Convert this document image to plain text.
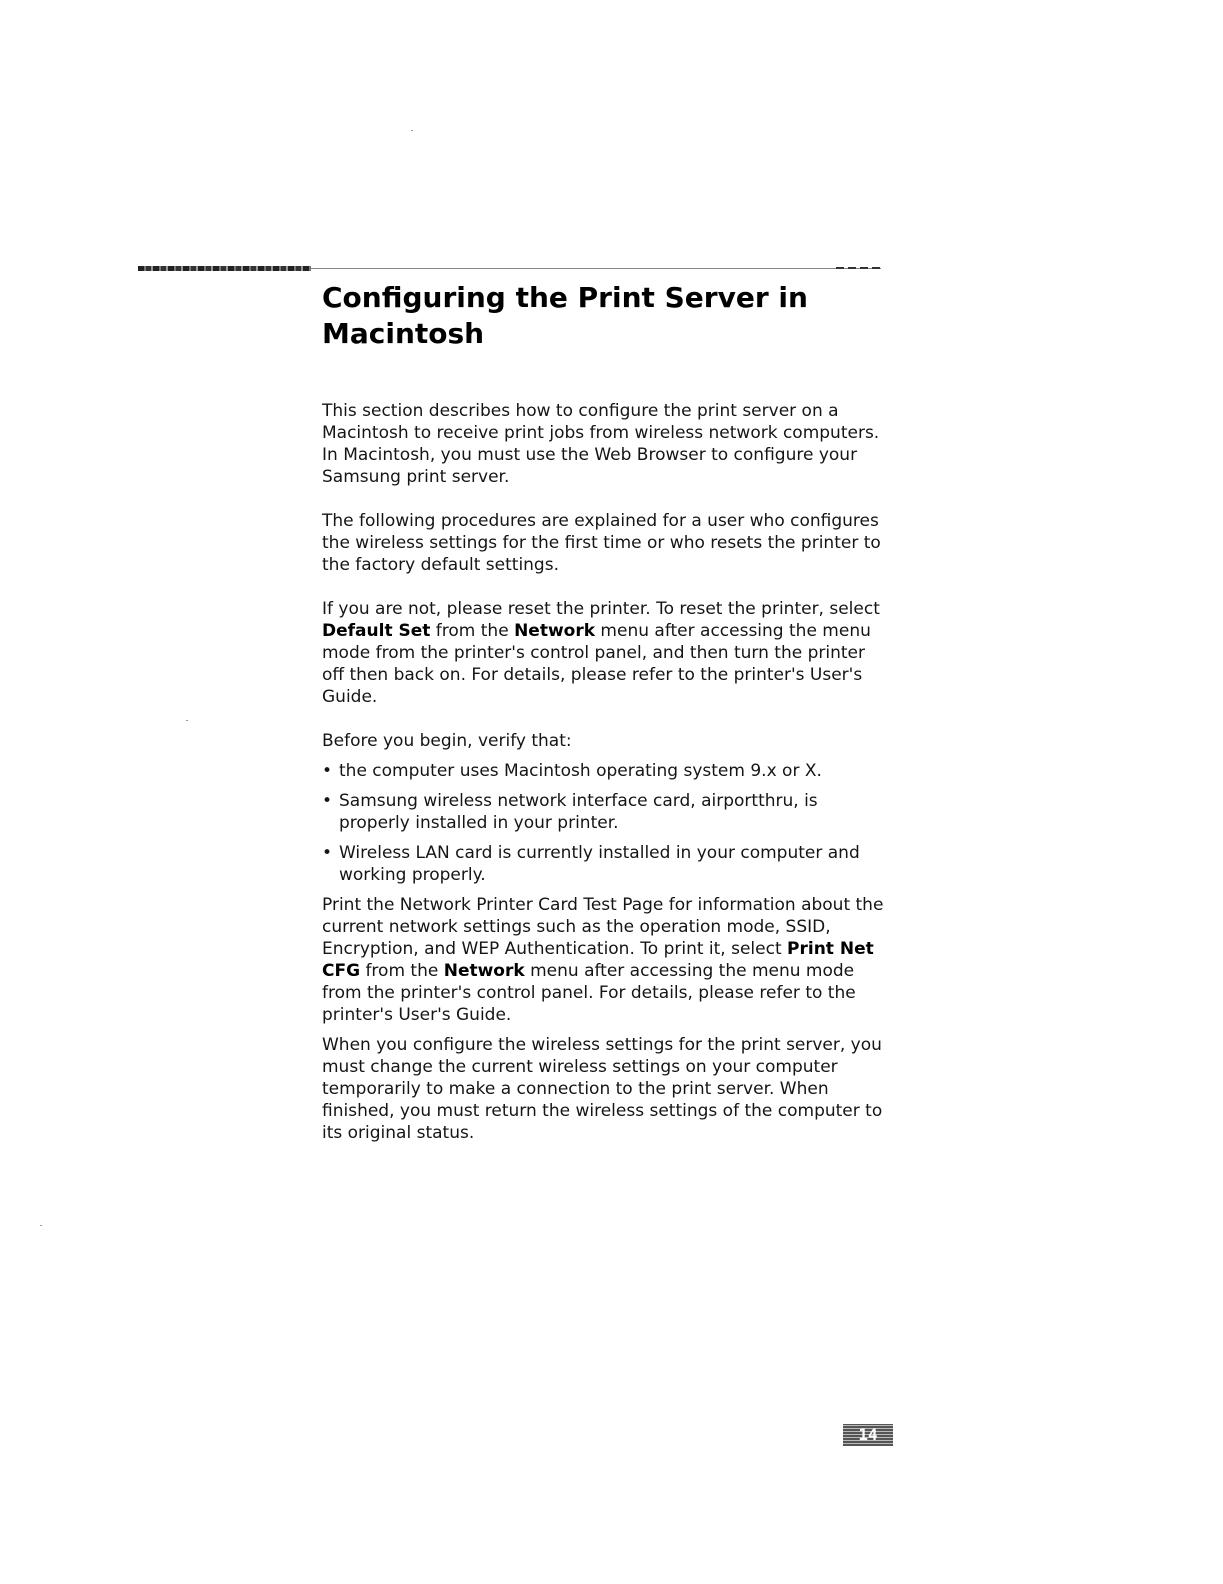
Configuring the Print Server in
Macintosh

This section describes how to configure the print server on a Macintosh to receive print jobs from wireless network computers. In Macintosh, you must use the Web Browser to configure your Samsung print server.

The following procedures are explained for a user who configures the wireless settings for the first time or who resets the printer to the factory default settings.

If you are not, please reset the printer. To reset the printer, select Default Set from the Network menu after accessing the menu mode from the printer's control panel, and then turn the printer off then back on. For details, please refer to the printer's User's Guide.

Before you begin, verify that:

• the computer uses Macintosh operating system 9.x or X.
• Samsung wireless network interface card, airportthru, is properly installed in your printer.
• Wireless LAN card is currently installed in your computer and working properly.

Print the Network Printer Card Test Page for information about the current network settings such as the operation mode, SSID, Encryption, and WEP Authentication. To print it, select Print Net CFG from the Network menu after accessing the menu mode from the printer's control panel. For details, please refer to the printer's User's Guide.

When you configure the wireless settings for the print server, you must change the current wireless settings on your computer temporarily to make a connection to the print server. When finished, you must return the wireless settings of the computer to its original status.

14
